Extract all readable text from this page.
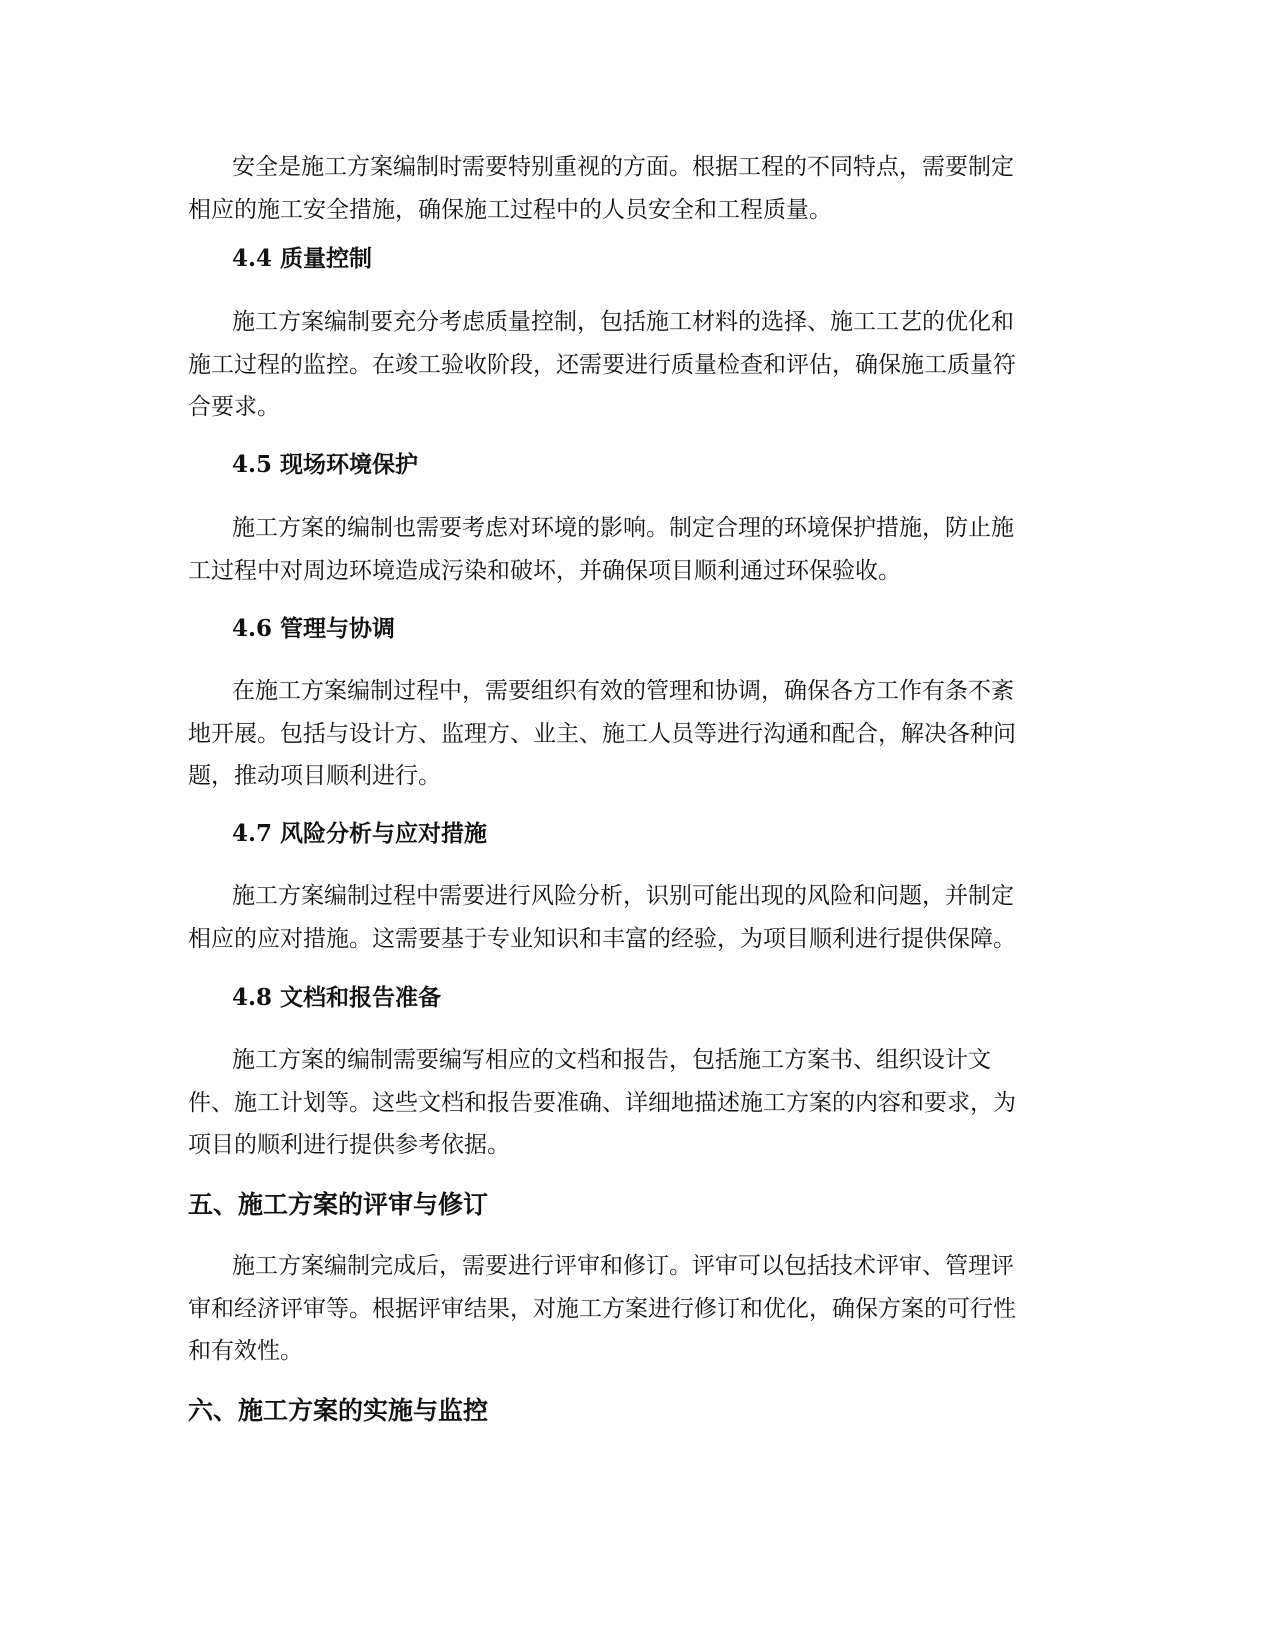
安全是施工方案编制时需要特别重视的方面。根据工程的不同特点，需要制定
相应的施工安全措施，确保施工过程中的人员安全和工程质量。

4.4 质量控制

施工方案编制要充分考虑质量控制，包括施工材料的选择、施工工艺的优化和
施工过程的监控。在竣工验收阶段，还需要进行质量检查和评估，确保施工质量符
合要求。

4.5 现场环境保护

施工方案的编制也需要考虑对环境的影响。制定合理的环境保护措施，防止施
工过程中对周边环境造成污染和破坏，并确保项目顺利通过环保验收。

4.6 管理与协调

在施工方案编制过程中，需要组织有效的管理和协调，确保各方工作有条不紊
地开展。包括与设计方、监理方、业主、施工人员等进行沟通和配合，解决各种问
题，推动项目顺利进行。

4.7 风险分析与应对措施

施工方案编制过程中需要进行风险分析，识别可能出现的风险和问题，并制定
相应的应对措施。这需要基于专业知识和丰富的经验，为项目顺利进行提供保障。

4.8 文档和报告准备

施工方案的编制需要编写相应的文档和报告，包括施工方案书、组织设计文
件、施工计划等。这些文档和报告要准确、详细地描述施工方案的内容和要求，为
项目的顺利进行提供参考依据。

五、施工方案的评审与修订

施工方案编制完成后，需要进行评审和修订。评审可以包括技术评审、管理评
审和经济评审等。根据评审结果，对施工方案进行修订和优化，确保方案的可行性
和有效性。

六、施工方案的实施与监控
